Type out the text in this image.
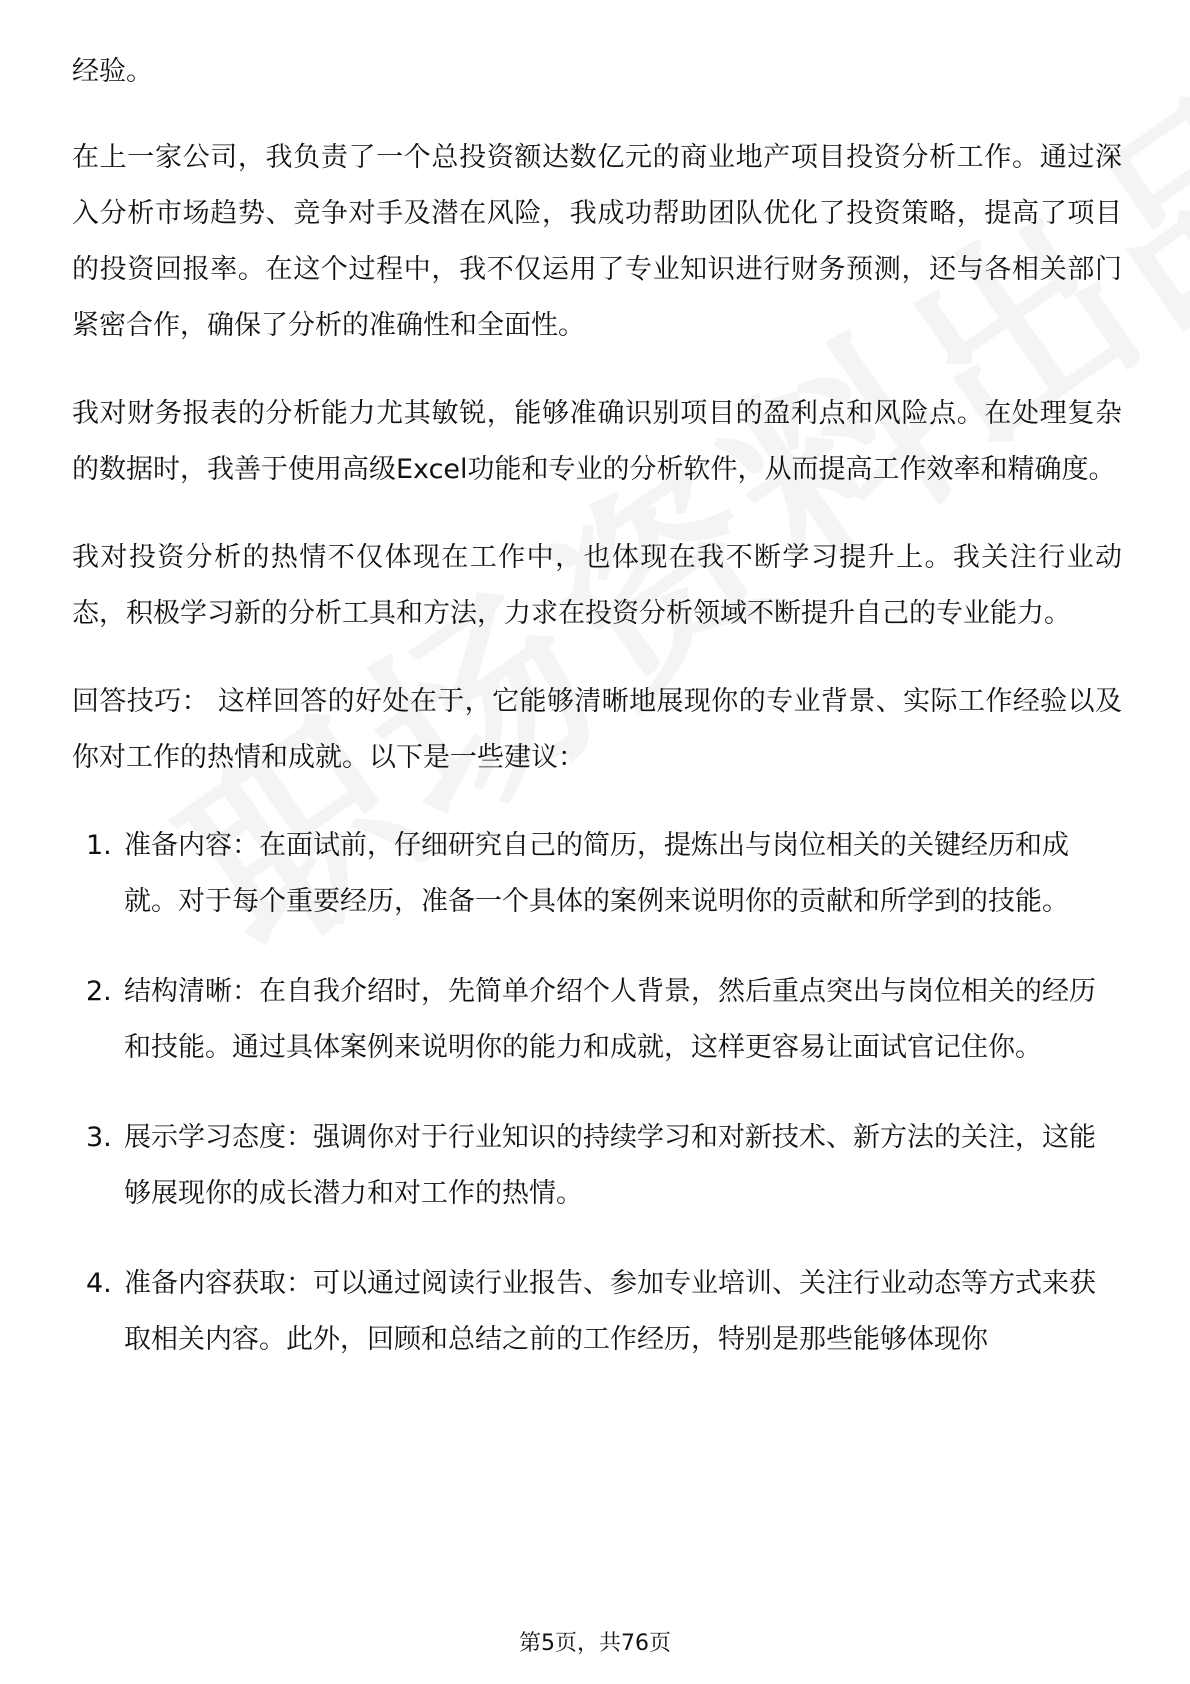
经验。

在上一家公司，我负责了一个总投资额达数亿元的商业地产项目投资分析工作。通过深入分析市场趋势、竞争对手及潜在风险，我成功帮助团队优化了投资策略，提高了项目的投资回报率。在这个过程中，我不仅运用了专业知识进行财务预测，还与各相关部门紧密合作，确保了分析的准确性和全面性。

我对财务报表的分析能力尤其敏锐，能够准确识别项目的盈利点和风险点。在处理复杂的数据时，我善于使用高级Excel功能和专业的分析软件，从而提高工作效率和精确度。

我对投资分析的热情不仅体现在工作中，也体现在我不断学习提升上。我关注行业动态，积极学习新的分析工具和方法，力求在投资分析领域不断提升自己的专业能力。

回答技巧： 这样回答的好处在于，它能够清晰地展现你的专业背景、实际工作经验以及你对工作的热情和成就。以下是一些建议：

1. 准备内容：在面试前，仔细研究自己的简历，提炼出与岗位相关的关键经历和成就。对于每个重要经历，准备一个具体的案例来说明你的贡献和所学到的技能。
2. 结构清晰：在自我介绍时，先简单介绍个人背景，然后重点突出与岗位相关的经历和技能。通过具体案例来说明你的能力和成就，这样更容易让面试官记住你。
3. 展示学习态度：强调你对于行业知识的持续学习和对新技术、新方法的关注，这能够展现你的成长潜力和对工作的热情。
4. 准备内容获取：可以通过阅读行业报告、参加专业培训、关注行业动态等方式来获取相关内容。此外，回顾和总结之前的工作经历，特别是那些能够体现你
第5页，共76页
